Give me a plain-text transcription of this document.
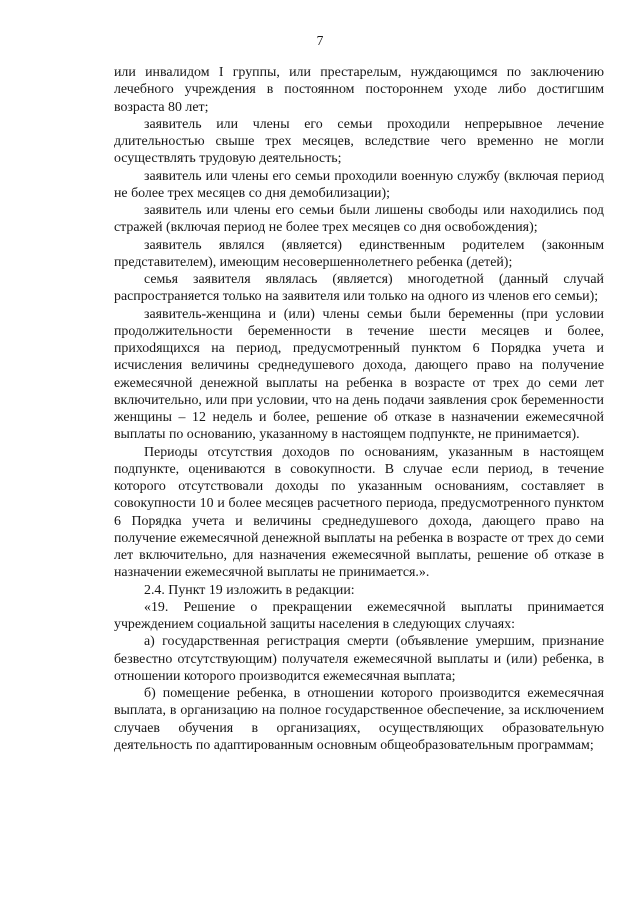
7

или инвалидом I группы, или престарелым, нуждающимся по заключению лечебного учреждения в постоянном постороннем уходе либо достигшим возраста 80 лет;

заявитель или члены его семьи проходили непрерывное лечение длительностью свыше трех месяцев, вследствие чего временно не могли осуществлять трудовую деятельность;

заявитель или члены его семьи проходили военную службу (включая период не более трех месяцев со дня демобилизации);

заявитель или члены его семьи были лишены свободы или находились под стражей (включая период не более трех месяцев со дня освобождения);

заявитель являлся (является) единственным родителем (законным представителем), имеющим несовершеннолетнего ребенка (детей);

семья заявителя являлась (является) многодетной (данный случай распространяется только на заявителя или только на одного из членов его семьи);

заявитель-женщина и (или) члены семьи были беременны (при условии продолжительности беременности в течение шести месяцев и более, прихоdящихся на период, предусмотренный пунктом 6 Порядка учета и исчисления величины среднедушевого дохода, дающего право на получение ежемесячной денежной выплаты на ребенка в возрасте от трех до семи лет включительно, или при условии, что на день подачи заявления срок беременности женщины – 12 недель и более, решение об отказе в назначении ежемесячной выплаты по основанию, указанному в настоящем подпункте, не принимается).

Периоды отсутствия доходов по основаниям, указанным в настоящем подпункте, оцениваются в совокупности. В случае если период, в течение которого отсутствовали доходы по указанным основаниям, составляет в совокупности 10 и более месяцев расчетного периода, предусмотренного пунктом 6 Порядка учета и величины среднедушевого дохода, дающего право на получение ежемесячной денежной выплаты на ребенка в возрасте от трех до семи лет включительно, для назначения ежемесячной выплаты, решение об отказе в назначении ежемесячной выплаты не принимается.».

2.4. Пункт 19 изложить в редакции:

«19. Решение о прекращении ежемесячной выплаты принимается учреждением социальной защиты населения в следующих случаях:

а) государственная регистрация смерти (объявление умершим, признание безвестно отсутствующим) получателя ежемесячной выплаты и (или) ребенка, в отношении которого производится ежемесячная выплата;

б) помещение ребенка, в отношении которого производится ежемесячная выплата, в организацию на полное государственное обеспечение, за исключением случаев обучения в организациях, осуществляющих образовательную деятельность по адаптированным основным общеобразовательным программам;
